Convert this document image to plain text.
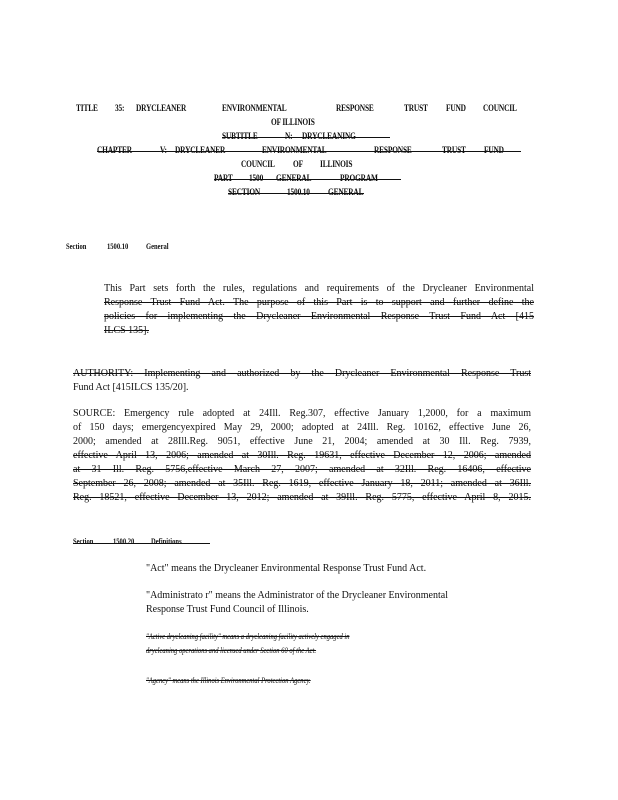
TITLE 35: DRYCLEANER	ENVIRONMENTAL	RESPONSE	TRUST FUND COUNCIL
OF ILLINOIS
SUBTITLE	N: DRYCLEANING
CHAPTER	V: DRYCLEANER	ENVIRONMENTAL	RESPONSE	TRUST FUND
COUNCIL OF ILLINOIS
PART 1500 GENERAL	PROGRAM
SECTION	1500.10 GENERAL
Section	1500.10 General
This Part sets forth the rules, regulations and requirements of the Drycleaner Environmental
Response Trust Fund Act. The purpose of this Part is to support and further define the
policies for implementing the Drycleaner Environmental Response Trust Fund Act [415
ILCS 135].
AUTHORITY: Implementing and authorized by the Drycleaner Environmental Response Trust
Fund Act [415ILCS 135/20].
SOURCE: Emergency rule adopted at 24Ill. Reg.307, effective January 1,2000, for a maximum
of 150 days; emergencyexpired May 29, 2000; adopted at 24Ill. Reg. 10162, effective June 26,
2000; amended at 28Ill.Reg. 9051, effective June 21, 2004; amended at 30 Ill. Reg. 7939,
effective April 13, 2006; amended at 30Ill. Reg. 19631, effective December 12, 2006; amended
at 31 Ill. Reg. 5756,effective March 27, 2007; amended at 32Ill. Reg. 16406, effective
September 26, 2008; amended at 35Ill. Reg. 1619, effective January 18, 2011; amended at 36Ill.
Reg. 18521, effective December 13, 2012; amended at 39Ill. Reg. 5775, effective April 8, 2015.
Section 1500.20 Definitions
"Act" means the Drycleaner Environmental Response Trust Fund Act.
"Administrato r" means the Administrator of the Drycleaner Environmental
Response Trust Fund Council of Illinois.
"Active drycleaning facility" means a drycleaning facility actively engaged in
drycleaning operations and licensed under Section 60 of the Act.
"Agency" means the Illinois Environmental Protection Agency.
